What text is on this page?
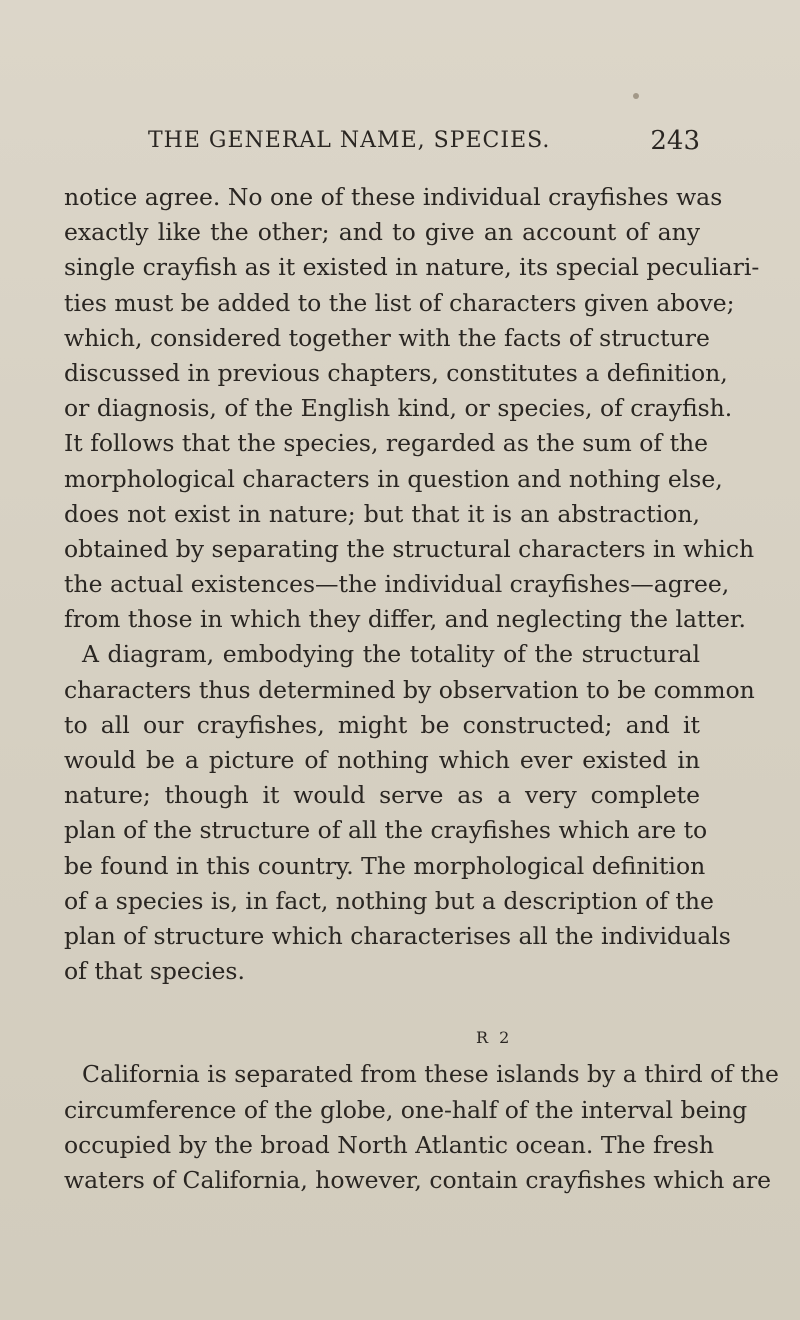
THE GENERAL NAME, SPECIES.	243
notice agree. No one of these individual crayfishes was
exactly like the other; and to give an account of any
single crayfish as it existed in nature, its special peculiari-
ties must be added to the list of characters given above;
which, considered together with the facts of structure
discussed in previous chapters, constitutes a definition,
or diagnosis, of the English kind, or species, of crayfish.
It follows that the species, regarded as the sum of the
morphological characters in question and nothing else,
does not exist in nature; but that it is an abstraction,
obtained by separating the structural characters in which
the actual existences—the individual crayfishes—agree,
from those in which they differ, and neglecting the latter.
A diagram, embodying the totality of the structural
characters thus determined by observation to be common
to all our crayfishes, might be constructed; and it
would be a picture of nothing which ever existed in
nature; though it would serve as a very complete
plan of the structure of all the crayfishes which are to
be found in this country. The morphological definition
of a species is, in fact, nothing but a description of the
plan of structure which characterises all the individuals
of that species.
California is separated from these islands by a third of the
circumference of the globe, one-half of the interval being
occupied by the broad North Atlantic ocean. The fresh
waters of California, however, contain crayfishes which are
R 2
